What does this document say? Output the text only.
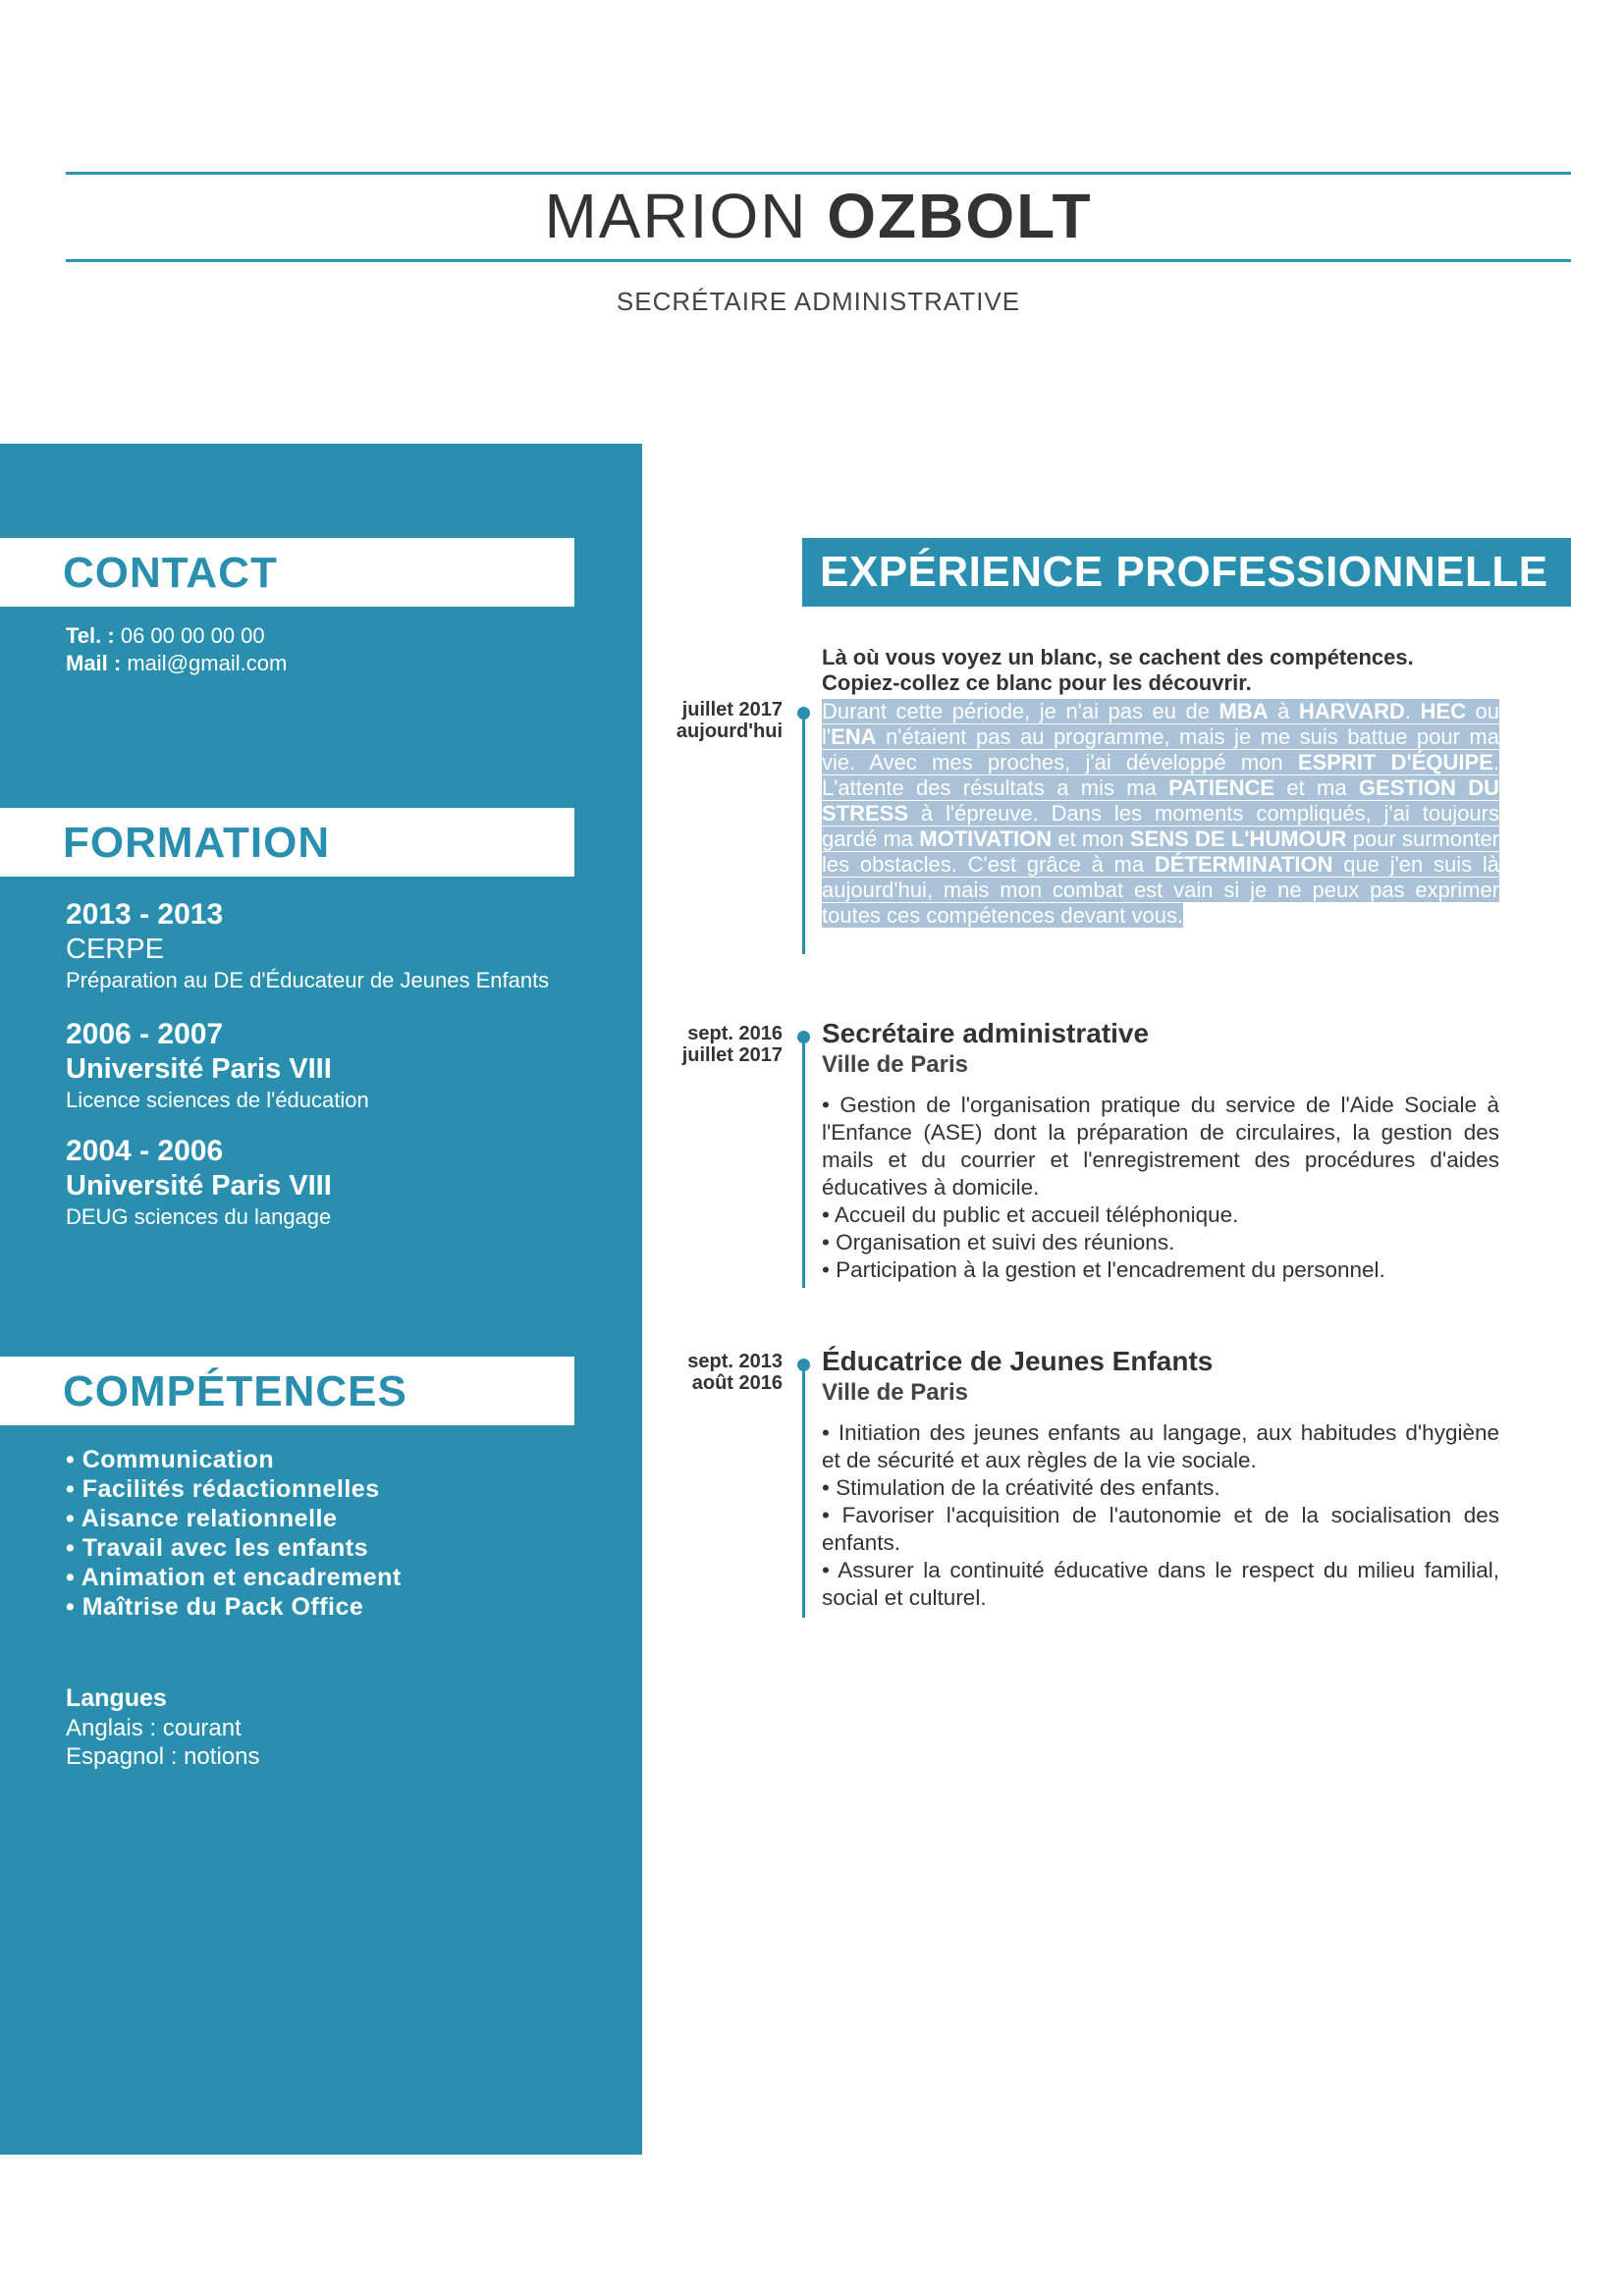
MARION OZBOLT
SECRÉTAIRE ADMINISTRATIVE
CONTACT
Tel. : 06 00 00 00 00
Mail : mail@gmail.com
FORMATION
2013 - 2013
CERPE
Préparation au DE d'Éducateur de Jeunes Enfants
2006 - 2007
Université Paris VIII
Licence sciences de l'éducation
2004 - 2006
Université Paris VIII
DEUG sciences du langage
COMPÉTENCES
• Communication
• Facilités rédactionnelles
• Aisance relationnelle
• Travail avec les enfants
• Animation et encadrement
• Maîtrise du Pack Office
Langues
Anglais : courant
Espagnol : notions
EXPÉRIENCE PROFESSIONNELLE
Là où vous voyez un blanc, se cachent des compétences.
Copiez-collez ce blanc pour les découvrir.
juillet 2017
aujourd'hui
Durant cette période, je n'ai pas eu de MBA à HARVARD. HEC ou l'ENA n'étaient pas au programme, mais je me suis battue pour ma vie. Avec mes proches, j'ai développé mon ESPRIT D'ÉQUIPE. L'attente des résultats a mis ma PATIENCE et ma GESTION DU STRESS à l'épreuve. Dans les moments compliqués, j'ai toujours gardé ma MOTIVATION et mon SENS DE L'HUMOUR pour surmonter les obstacles. C'est grâce à ma DÉTERMINATION que j'en suis là aujourd'hui, mais mon combat est vain si je ne peux pas exprimer toutes ces compétences devant vous.
sept. 2016
juillet 2017
Secrétaire administrative
Ville de Paris
• Gestion de l'organisation pratique du service de l'Aide Sociale à l'Enfance (ASE) dont la préparation de circulaires, la gestion des mails et du courrier et l'enregistrement des procédures d'aides éducatives à domicile.
• Accueil du public et accueil téléphonique.
• Organisation et suivi des réunions.
• Participation à la gestion et l'encadrement du personnel.
sept. 2013
août 2016
Éducatrice de Jeunes Enfants
Ville de Paris
• Initiation des jeunes enfants au langage, aux habitudes d'hygiène et de sécurité et aux règles de la vie sociale.
• Stimulation de la créativité des enfants.
• Favoriser l'acquisition de l'autonomie et de la socialisation des enfants.
• Assurer la continuité éducative dans le respect du milieu familial, social et culturel.
